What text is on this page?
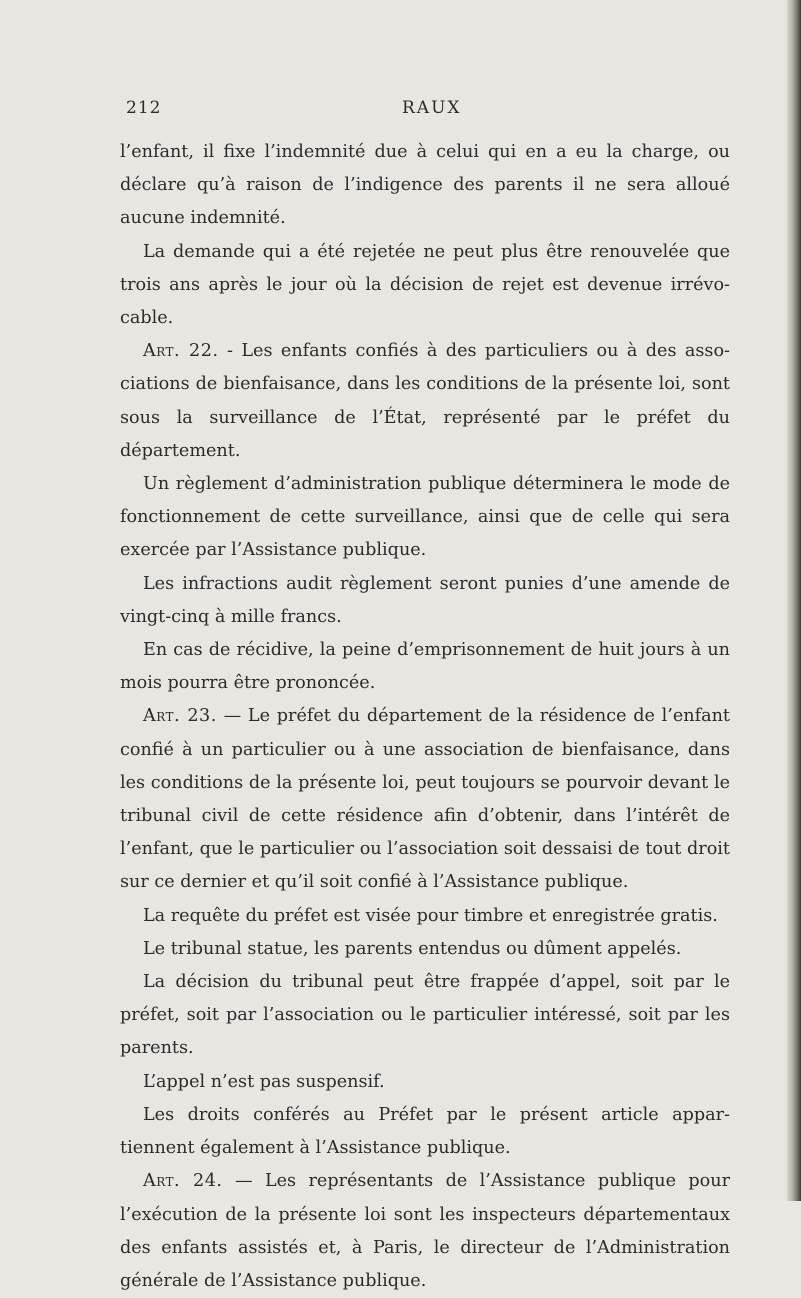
212	RAUX

l’enfant, il fixe l’indemnité due à celui qui en a eu la charge, ou déclare qu’à raison de l’indigence des parents il ne sera alloué aucune indemnité.

La demande qui a été rejetée ne peut plus être renouvelée que trois ans après le jour où la décision de rejet est devenue irrévo-cable.

Art. 22. - Les enfants confiés à des particuliers ou à des asso-ciations de bienfaisance, dans les conditions de la présente loi, sont sous la surveillance de l’État, représenté par le préfet du département.

Un règlement d’administration publique déterminera le mode de fonctionnement de cette surveillance, ainsi que de celle qui sera exercée par l’Assistance publique.

Les infractions audit règlement seront punies d’une amende de vingt-cinq à mille francs.

En cas de récidive, la peine d’emprisonnement de huit jours à un mois pourra être prononcée.

Art. 23. — Le préfet du département de la résidence de l’enfant confié à un particulier ou à une association de bienfaisance, dans les conditions de la présente loi, peut toujours se pourvoir devant le tribunal civil de cette résidence afin d’obtenir, dans l’intérêt de l’enfant, que le particulier ou l’association soit dessaisi de tout droit sur ce dernier et qu’il soit confié à l’Assistance publique.

La requête du préfet est visée pour timbre et enregistrée gratis.

Le tribunal statue, les parents entendus ou dûment appelés.

La décision du tribunal peut être frappée d’appel, soit par le préfet, soit par l’association ou le particulier intéressé, soit par les parents.

L’appel n’est pas suspensif.

Les droits conférés au Préfet par le présent article appar-tiennent également à l’Assistance publique.

Art. 24. — Les représentants de l’Assistance publique pour l’exécution de la présente loi sont les inspecteurs départementaux des enfants assistés et, à Paris, le directeur de l’Administration générale de l’Assistance publique.
